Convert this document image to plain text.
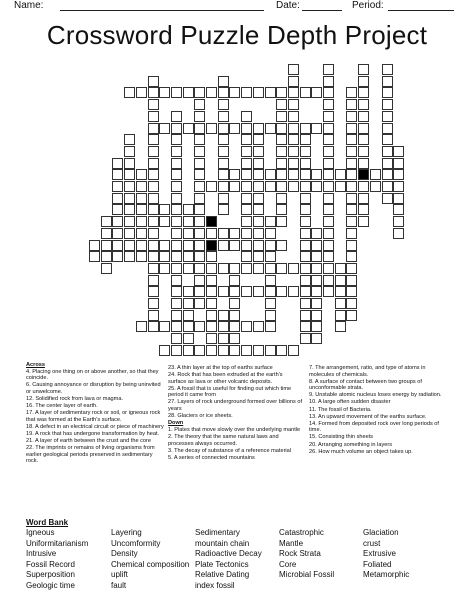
Name:	Date:	Period:
Crossword Puzzle Depth Project
Across
4. Placing one thing on or above another, so that they coincide.
6. Causing annoyance or disruption by being uninvited or unwelcome.
12. Solidified rock from lava or magma.
16. The center layer of earth.
17. A layer of sedimentary rock or soil, or igneous rock that was formed at the Earth's surface.
18. A defect in an electrical circuit or piece of machinery
19. A rock that has undergone transformation by heat.
21. A layer of earth between the crust and the core
22. The imprints or remains of living organisms from earlier geological periods preserved in sedimentary rock.
23. A thin layer at the top of earths surface
24. Rock that has been extruded at the earth's surface as lava or other volcanic deposits.
25. A fossil that is useful for finding out which time period it came from
27. Layers of rock underground formed over billions of years
28. Glaciers or ice sheets.
Down
1. Plates that move slowly over the underlying mantle
2. The theory that the same natural laws and processes always occurred.
3. The decay of substance of a reference material
5. A series of connected mountains
7. The arrangement, ratio, and type of atoms in molecules of chemicals.
8. A surface of contact between two groups of unconformable strata.
9. Unstable atomic nucleus loses energy by radiation.
10. A large often sudden disaster
11. The fossil of Bacteria.
13. An upward movement of the earths surface.
14. Formed from deposited rock over long periods of time.
15. Consisting thin sheets
20. Arranging something in layers
26. How much volume an object takes up.
Word Bank
Igneous
Uniformitarianism
Intrusive
Fossil Record
Superposition
Geologic time
Layering
Uncomformity
Density
Chemical composition
uplift
fault
Sedimentary
mountain chain
Radioactive Decay
Plate Tectonics
Relative Dating
index fossil
Catastrophic
Mantle
Rock Strata
Core
Microbial Fossil
Glaciation
crust
Extrusive
Foliated
Metamorphic
